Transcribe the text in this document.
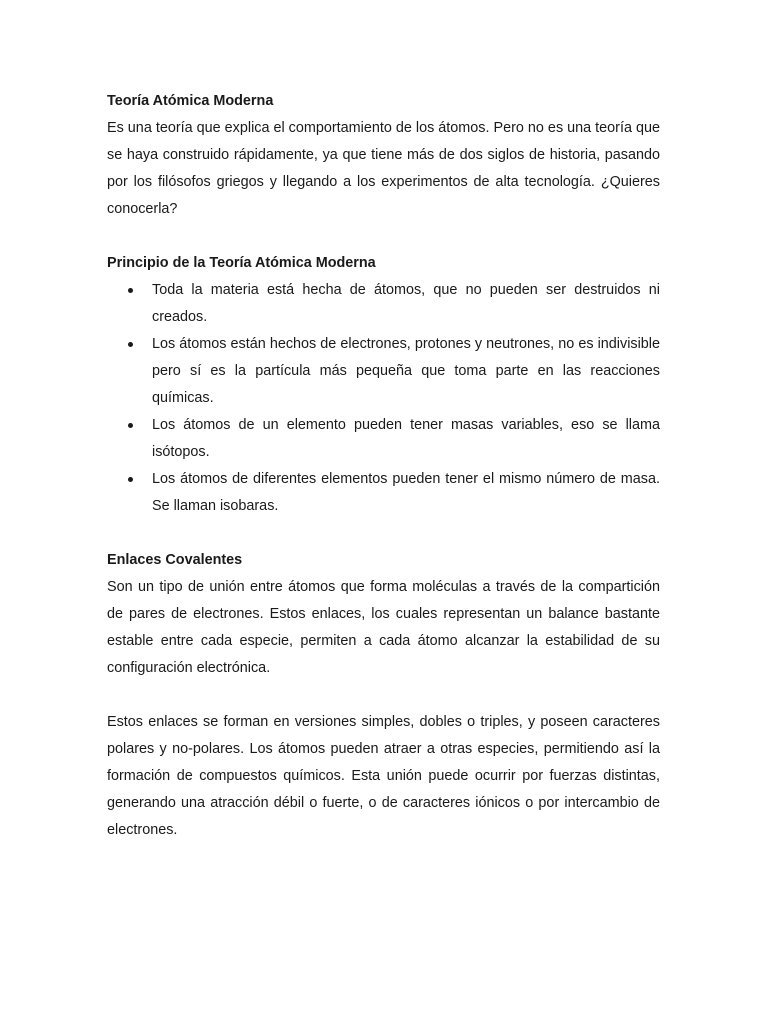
Teoría Atómica Moderna

Es una teoría que explica el comportamiento de los átomos. Pero no es una teoría que se haya construido rápidamente, ya que tiene más de dos siglos de historia, pasando por los filósofos griegos y llegando a los experimentos de alta tecnología. ¿Quieres conocerla?

Principio de la Teoría Atómica Moderna

Toda la materia está hecha de átomos, que no pueden ser destruidos ni creados.
Los átomos están hechos de electrones, protones y neutrones, no es indivisible pero sí es la partícula más pequeña que toma parte en las reacciones químicas.
Los átomos de un elemento pueden tener masas variables, eso se llama isótopos.
Los átomos de diferentes elementos pueden tener el mismo número de masa. Se llaman isobaras.

Enlaces Covalentes

Son un tipo de unión entre átomos que forma moléculas a través de la compartición de pares de electrones. Estos enlaces, los cuales representan un balance bastante estable entre cada especie, permiten a cada átomo alcanzar la estabilidad de su configuración electrónica.

Estos enlaces se forman en versiones simples, dobles o triples, y poseen caracteres polares y no-polares. Los átomos pueden atraer a otras especies, permitiendo así la formación de compuestos químicos. Esta unión puede ocurrir por fuerzas distintas, generando una atracción débil o fuerte, o de caracteres iónicos o por intercambio de electrones.
